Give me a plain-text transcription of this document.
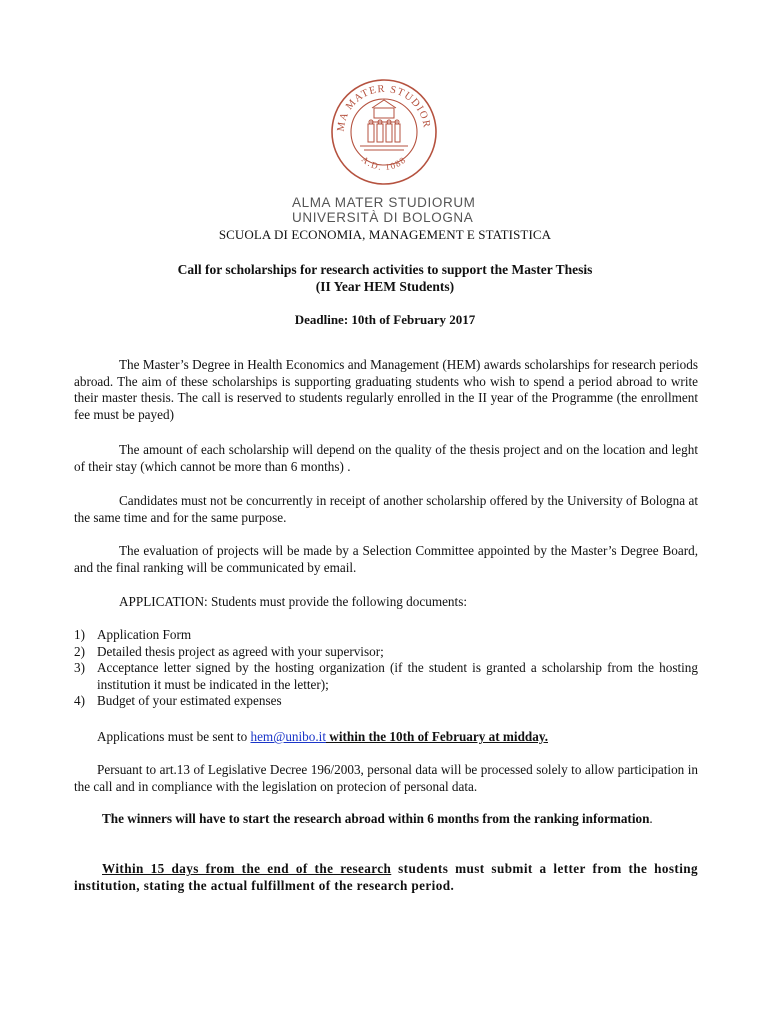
MA MATER STUDIOR
A.D. 1088
ALMA MATER STUDIORUM
UNIVERSITÀ DI BOLOGNA
SCUOLA DI ECONOMIA, MANAGEMENT E STATISTICA
Call for scholarships for research activities to support the Master Thesis
(II Year HEM Students)
Deadline: 10th of February 2017

The Master’s Degree in Health Economics and Management (HEM) awards scholarships for research periods abroad. The aim of these scholarships is supporting graduating students who wish to spend a period abroad to write their master thesis. The call is reserved to students regularly enrolled in the II year of the Programme (the enrollment fee must be payed)

The amount of each scholarship will depend on the quality of the thesis project and on the location and leght of their stay (which cannot be more than 6 months) .

Candidates must not be concurrently in receipt of another scholarship offered by the University of Bologna at the same time and for the same purpose.

The evaluation of projects will be made by a Selection Committee appointed by the Master’s Degree Board, and the final ranking will be communicated by email.

APPLICATION: Students must provide the following documents:

1) Application Form
2) Detailed thesis project as agreed with your supervisor;
3) Acceptance letter signed by the hosting organization (if the student is granted a scholarship from the hosting institution it must be indicated in the letter);
4) Budget of your estimated expenses
Applications must be sent to hem@unibo.it within the 10th of February at midday.

Persuant to art.13 of Legislative Decree 196/2003, personal data will be processed solely to allow participation in the call and in compliance with the legislation on protecion of personal data.

The winners will have to start the research abroad within 6 months from the ranking information.

Within 15 days from the end of the research students must submit a letter from the hosting institution, stating the actual fulfillment of the research period.
